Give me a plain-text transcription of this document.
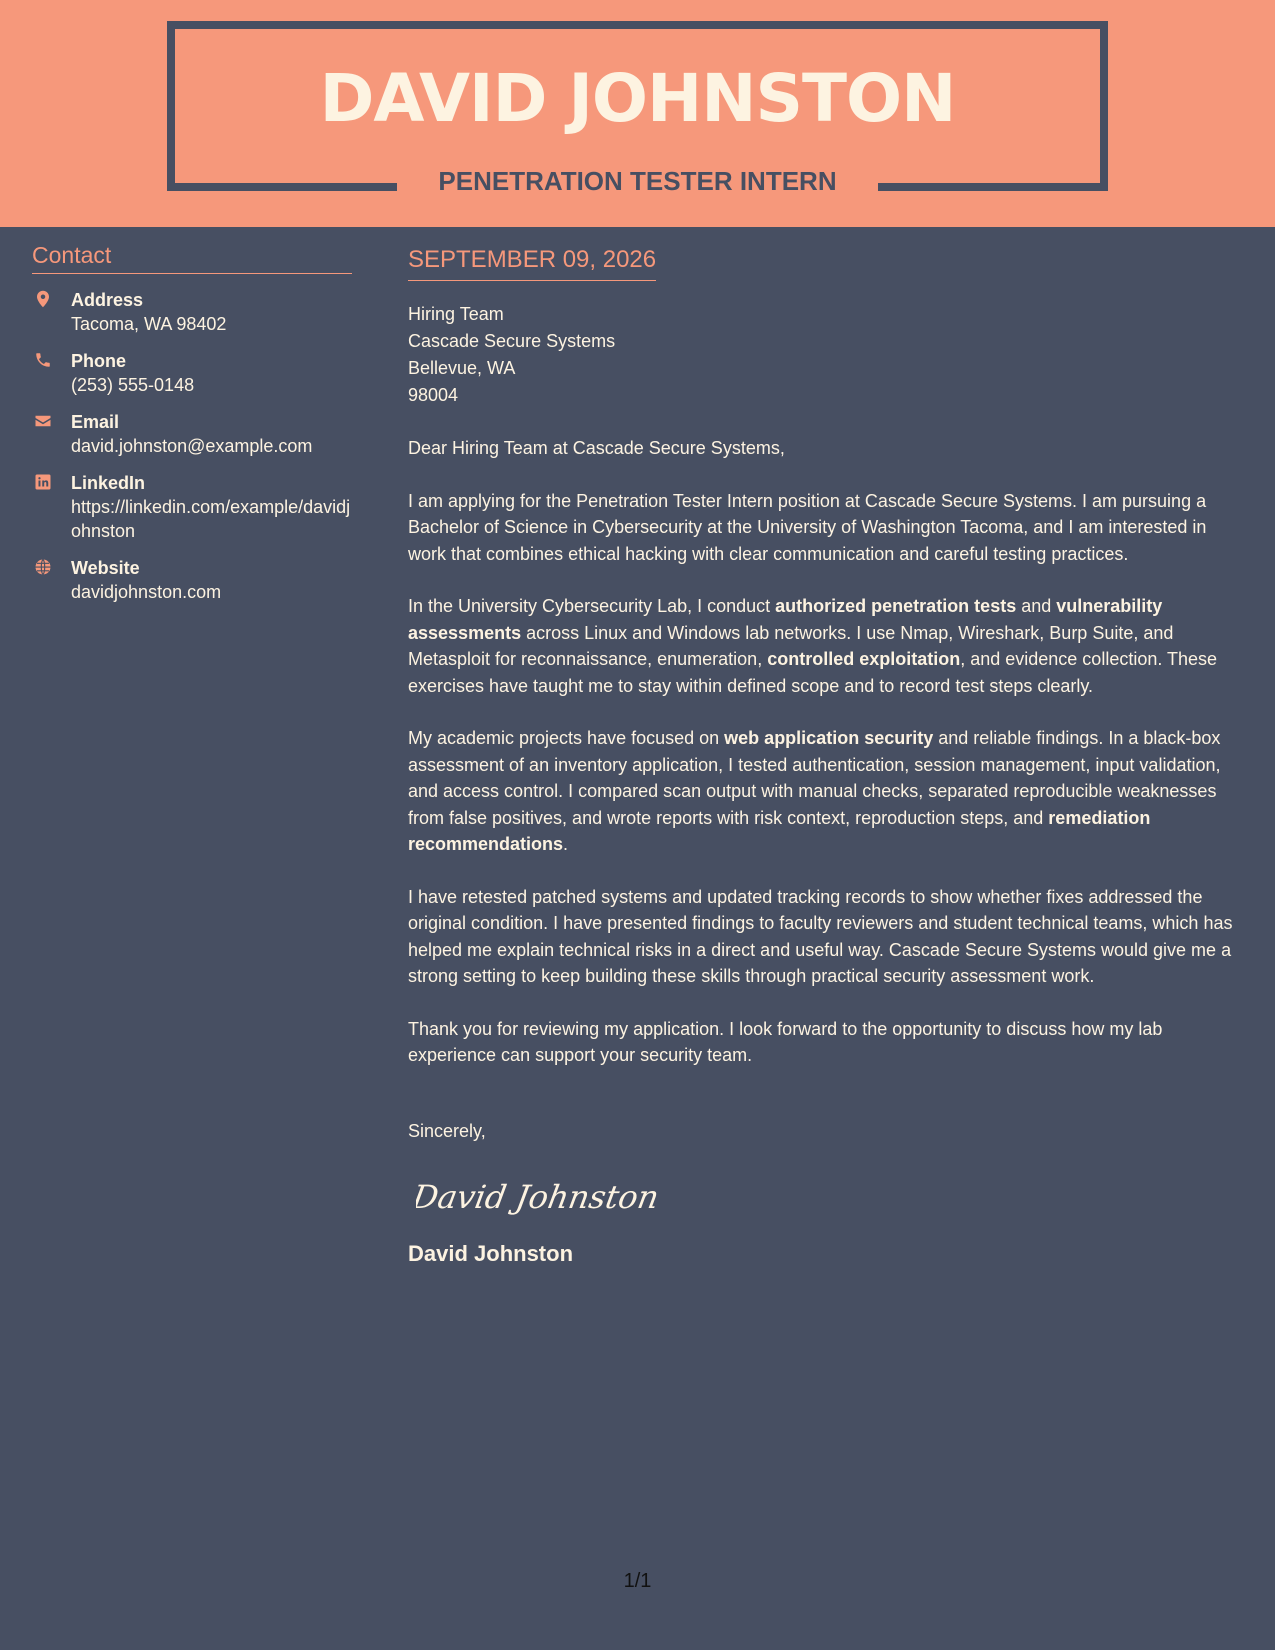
DAVID JOHNSTON
PENETRATION TESTER INTERN
Contact
Address
Tacoma, WA 98402
Phone
(253) 555-0148
Email
david.johnston@example.com
LinkedIn
https://linkedin.com/example/davidjohnston
Website
davidjohnston.com
SEPTEMBER 09, 2026
Hiring Team
Cascade Secure Systems
Bellevue, WA
98004

Dear Hiring Team at Cascade Secure Systems,

I am applying for the Penetration Tester Intern position at Cascade Secure Systems. I am pursuing a Bachelor of Science in Cybersecurity at the University of Washington Tacoma, and I am interested in work that combines ethical hacking with clear communication and careful testing practices.

In the University Cybersecurity Lab, I conduct authorized penetration tests and vulnerability assessments across Linux and Windows lab networks. I use Nmap, Wireshark, Burp Suite, and Metasploit for reconnaissance, enumeration, controlled exploitation, and evidence collection. These exercises have taught me to stay within defined scope and to record test steps clearly.

My academic projects have focused on web application security and reliable findings. In a black-box assessment of an inventory application, I tested authentication, session management, input validation, and access control. I compared scan output with manual checks, separated reproducible weaknesses from false positives, and wrote reports with risk context, reproduction steps, and remediation recommendations.

I have retested patched systems and updated tracking records to show whether fixes addressed the original condition. I have presented findings to faculty reviewers and student technical teams, which has helped me explain technical risks in a direct and useful way. Cascade Secure Systems would give me a strong setting to keep building these skills through practical security assessment work.

Thank you for reviewing my application. I look forward to the opportunity to discuss how my lab experience can support your security team.

Sincerely,
David Johnston
David Johnston
1/1
